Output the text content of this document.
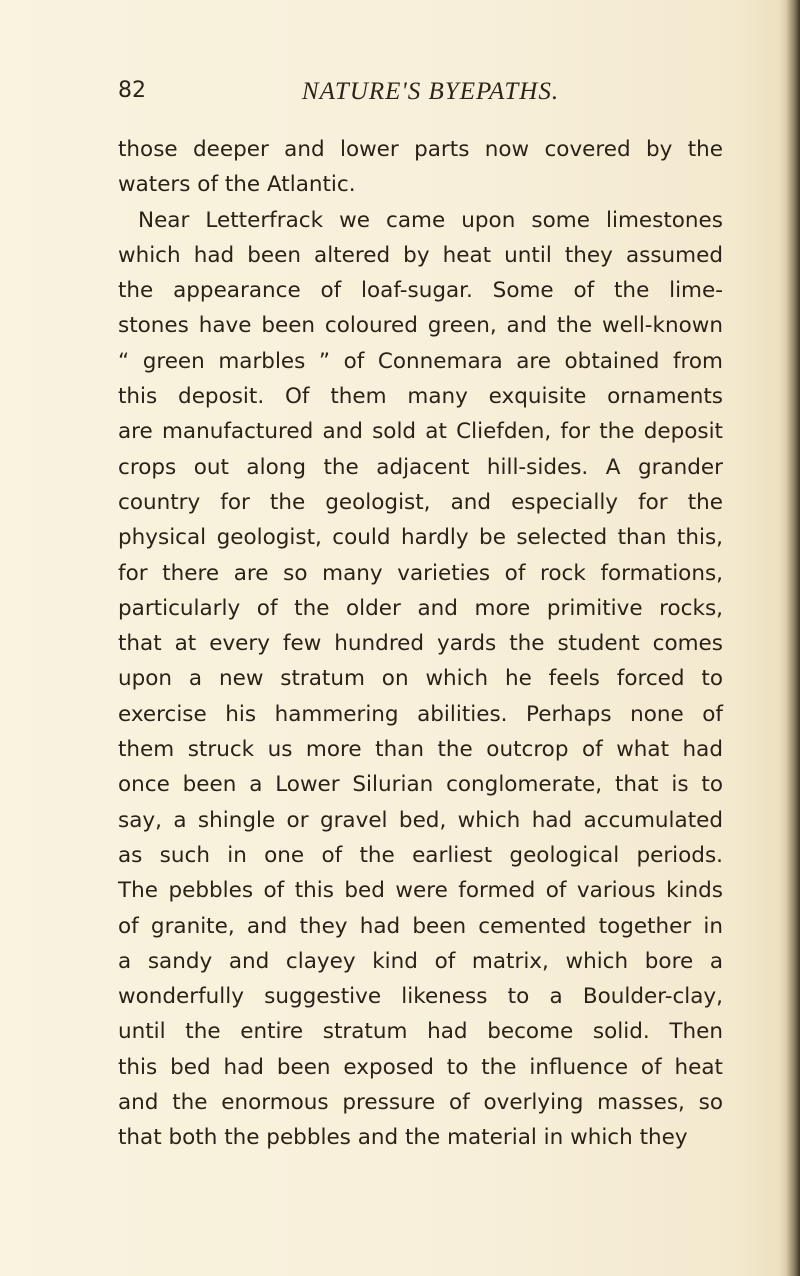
82	NATURE'S BYEPATHS.
those deeper and lower parts now covered by the
waters of the Atlantic.
Near Letterfrack we came upon some limestones
which had been altered by heat until they assumed
the appearance of loaf-sugar. Some of the lime-
stones have been coloured green, and the well-known
“ green marbles ” of Connemara are obtained from
this deposit. Of them many exquisite ornaments
are manufactured and sold at Cliefden, for the deposit
crops out along the adjacent hill-sides. A grander
country for the geologist, and especially for the
physical geologist, could hardly be selected than this,
for there are so many varieties of rock formations,
particularly of the older and more primitive rocks,
that at every few hundred yards the student comes
upon a new stratum on which he feels forced to
exercise his hammering abilities. Perhaps none of
them struck us more than the outcrop of what had
once been a Lower Silurian conglomerate, that is to
say, a shingle or gravel bed, which had accumulated
as such in one of the earliest geological periods.
The pebbles of this bed were formed of various kinds
of granite, and they had been cemented together in
a sandy and clayey kind of matrix, which bore a
wonderfully suggestive likeness to a Boulder-clay,
until the entire stratum had become solid. Then
this bed had been exposed to the influence of heat
and the enormous pressure of overlying masses, so
that both the pebbles and the material in which they
